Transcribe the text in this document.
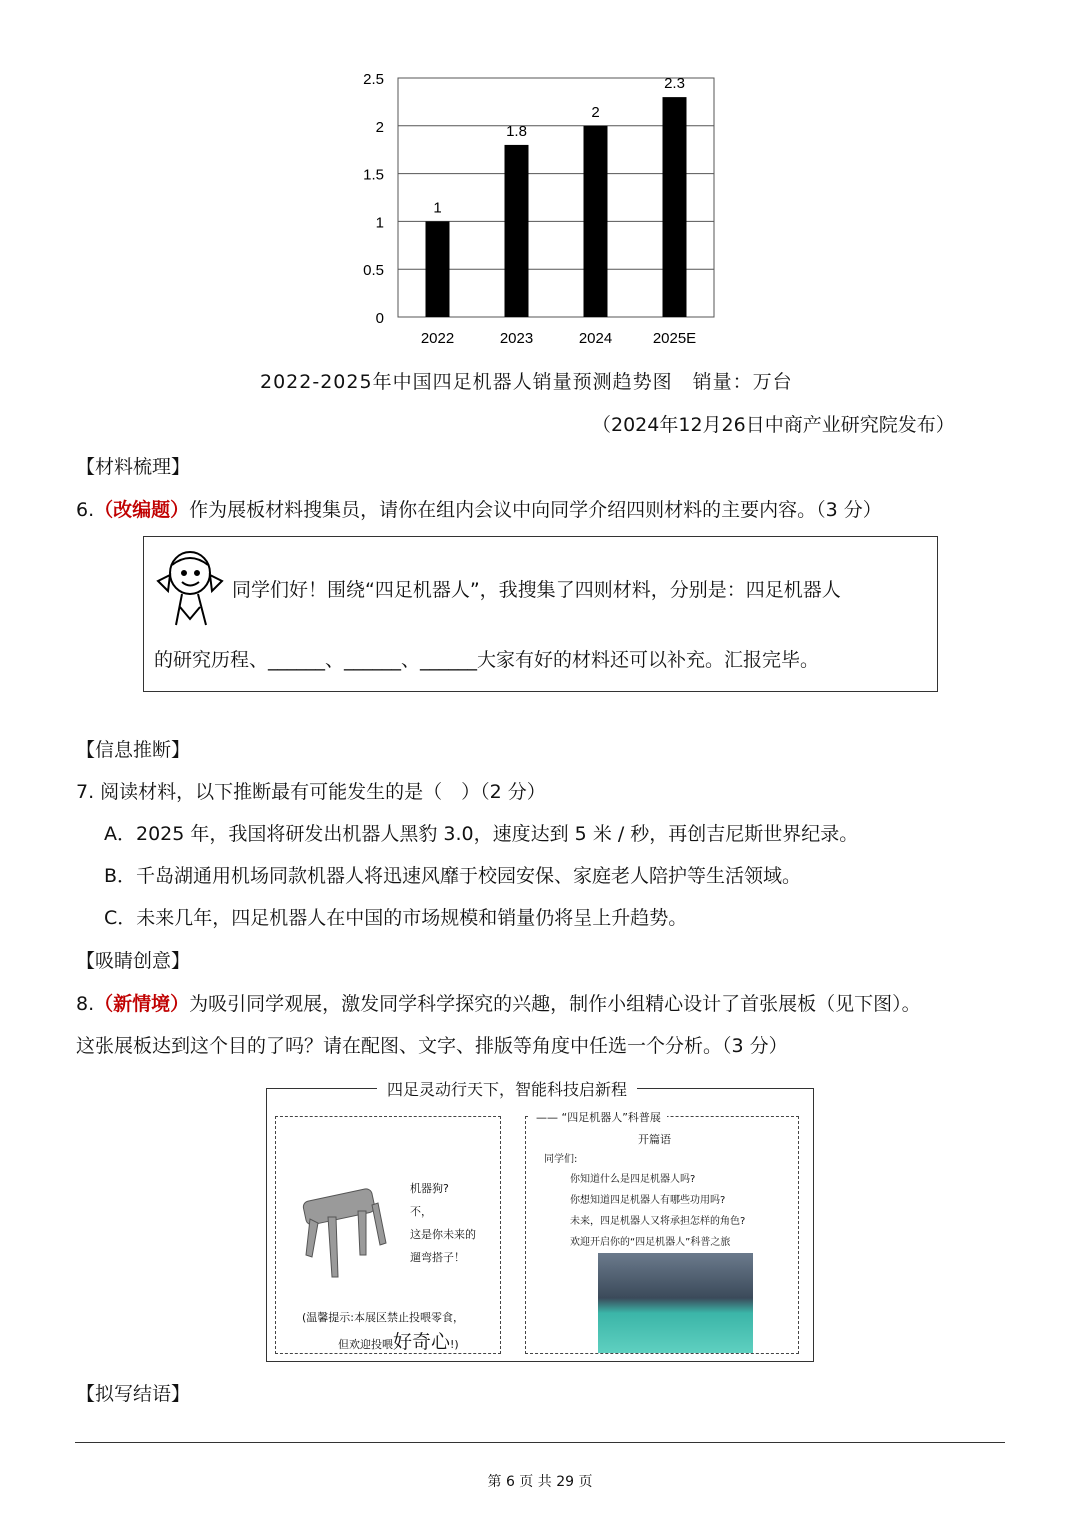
0
0.5
1
1.5
2
2.5
1
2022
1.8
2023
2
2024
2.3
2025E
2022-2025年中国四足机器人销量预测趋势图　销量：万台
（2024年12月26日中商产业研究院发布）
【材料梳理】
6.（改编题）作为展板材料搜集员，请你在组内会议中向同学介绍四则材料的主要内容。（3 分）
同学们好！围绕“四足机器人”，我搜集了四则材料，分别是：四足机器人
的研究历程、______、______、______大家有好的材料还可以补充。汇报完毕。
【信息推断】
7. 阅读材料，以下推断最有可能发生的是（　）（2 分）
A．2025 年，我国将研发出机器人黑豹 3.0，速度达到 5 米 / 秒，再创吉尼斯世界纪录。
B．千岛湖通用机场同款机器人将迅速风靡于校园安保、家庭老人陪护等生活领域。
C．未来几年，四足机器人在中国的市场规模和销量仍将呈上升趋势。
【吸睛创意】
8.（新情境）为吸引同学观展，激发同学科学探究的兴趣，制作小组精心设计了首张展板（见下图）。
这张展板达到这个目的了吗？请在配图、文字、排版等角度中任选一个分析。（3 分）
四足灵动行天下，智能科技启新程
机器狗?
不，
这是你未来的
遛弯搭子！
(温馨提示:本展区禁止投喂零食，
但欢迎投喂好奇心!)
—— “四足机器人”科普展
开篇语
同学们:
你知道什么是四足机器人吗?
你想知道四足机器人有哪些功用吗?
未来，四足机器人又将承担怎样的角色?
欢迎开启你的“四足机器人”科普之旅
【拟写结语】
第 6 页 共 29 页
